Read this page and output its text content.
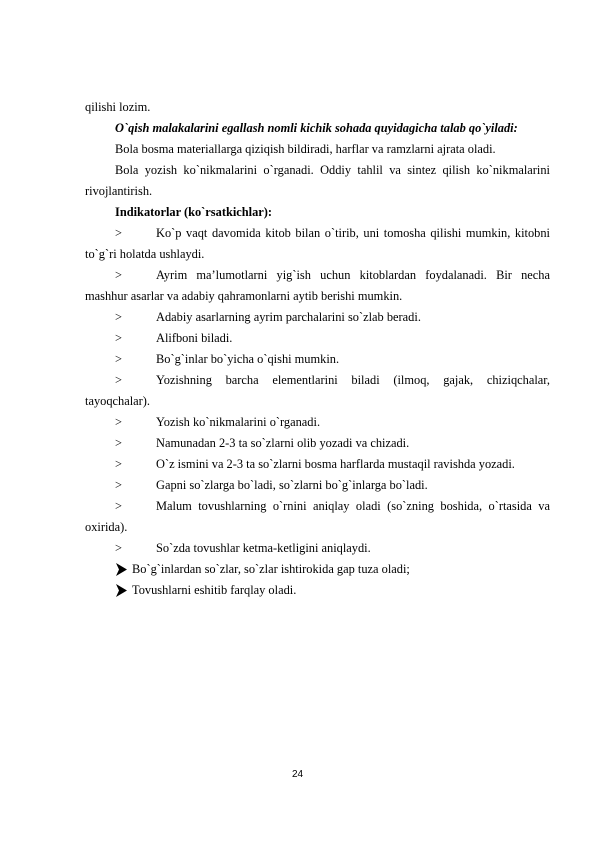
qilishi lozim.

O`qish malakalarini egallash nomli kichik sohada quyidagicha talab qo`yiladi:

Bola bosma materiallarga qiziqish bildiradi, harflar va ramzlarni ajrata oladi.

Bola yozish ko`nikmalarini o`rganadi. Oddiy tahlil va sintez qilish ko`nikmalarini rivojlantirish.

Indikatorlar (ko`rsatkichlar):

>	Ko`p vaqt davomida kitob bilan o`tirib, uni tomosha qilishi mumkin, kitobni to`g`ri holatda ushlaydi.

>	Ayrim ma’lumotlarni yig`ish uchun kitoblardan foydalanadi. Bir necha mashhur asarlar va adabiy qahramonlarni aytib berishi mumkin.

>	Adabiy asarlarning ayrim parchalarini so`zlab beradi.

>	Alifboni biladi.

>	Bo`g`inlar bo`yicha o`qishi mumkin.

>	Yozishning barcha elementlarini biladi (ilmoq, gajak, chiziqchalar, tayoqchalar).

>	Yozish ko`nikmalarini o`rganadi.

>	Namunadan 2-3 ta so`zlarni olib yozadi va chizadi.

>	O`z ismini va 2-3 ta so`zlarni bosma harflarda mustaqil ravishda yozadi.

>	Gapni so`zlarga bo`ladi, so`zlarni bo`g`inlarga bo`ladi.

>	Malum tovushlarning o`rnini aniqlay oladi (so`zning boshida, o`rtasida va oxirida).

>	So`zda tovushlar ketma-ketligini aniqlaydi.

Bo`g`inlardan so`zlar, so`zlar ishtirokida gap tuza oladi;

Tovushlarni eshitib farqlay oladi.

24
